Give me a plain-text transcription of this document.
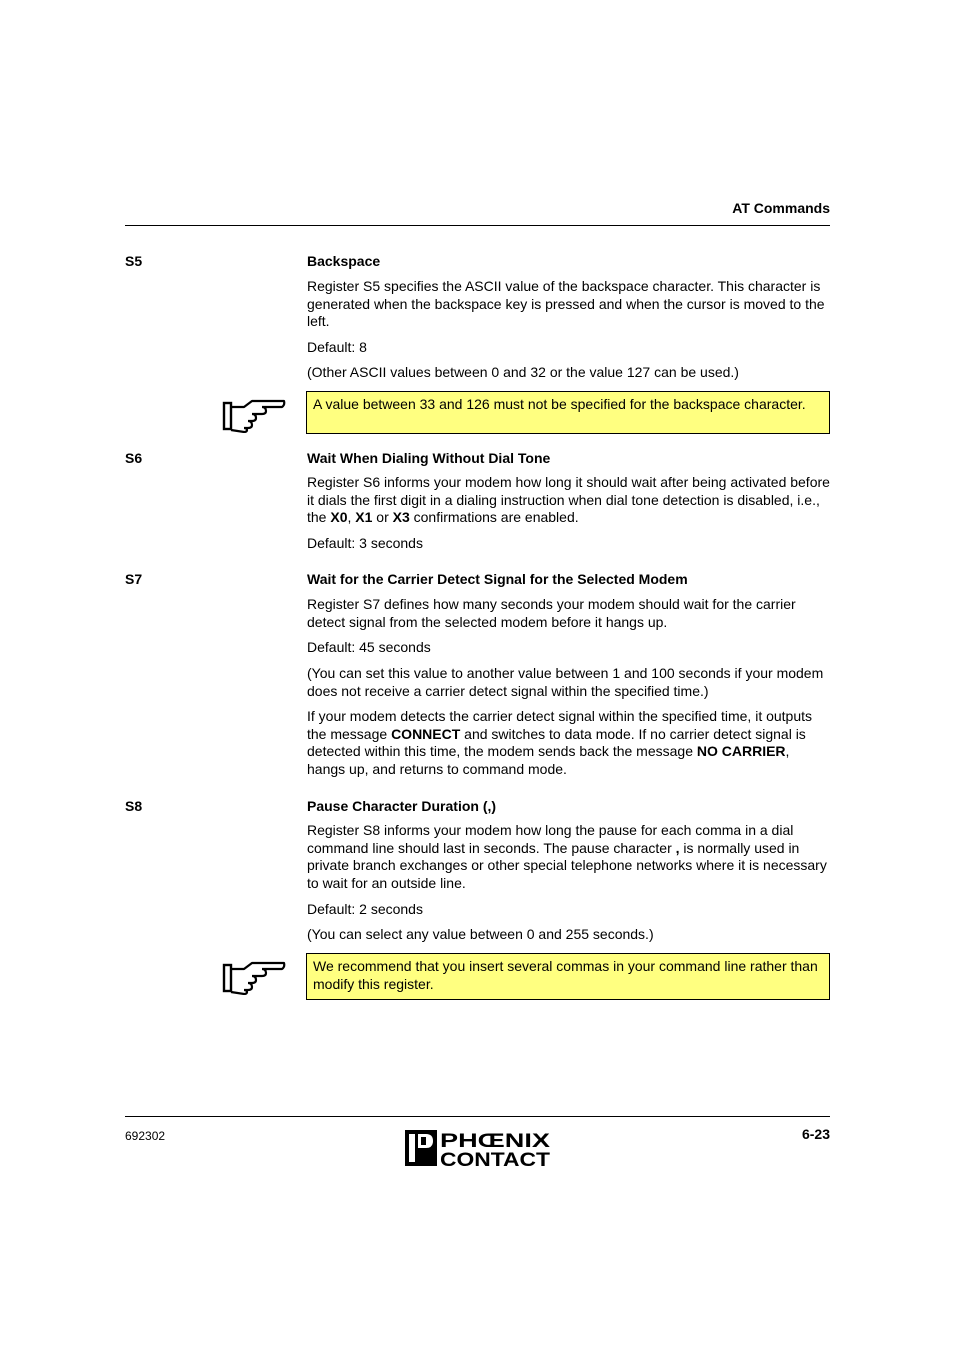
AT Commands
S5	Backspace
Register S5 specifies the ASCII value of the backspace character. This character is generated when the backspace key is pressed and when the cursor is moved to the left.
Default: 8
(Other ASCII values between 0 and 32 or the value 127 can be used.)
A value between 33 and 126 must not be specified for the backspace character.
S6	Wait When Dialing Without Dial Tone
Register S6 informs your modem how long it should wait after being activated before it dials the first digit in a dialing instruction when dial tone detection is disabled, i.e., the X0, X1 or X3 confirmations are enabled.
Default: 3 seconds
S7	Wait for the Carrier Detect Signal for the Selected Modem
Register S7 defines how many seconds your modem should wait for the carrier detect signal from the selected modem before it hangs up.
Default: 45 seconds
(You can set this value to another value between 1 and 100 seconds if your modem does not receive a carrier detect signal within the specified time.)
If your modem detects the carrier detect signal within the specified time, it outputs the message CONNECT and switches to data mode. If no carrier detect signal is detected within this time, the modem sends back the message NO CARRIER, hangs up, and returns to command mode.
S8	Pause Character Duration (,)
Register S8 informs your modem how long the pause for each comma in a dial command line should last in seconds. The pause character , is normally used in private branch exchanges or other special telephone networks where it is necessary to wait for an outside line.
Default: 2 seconds
(You can select any value between 0 and 255 seconds.)
We recommend that you insert several commas in your command line rather than modify this register.
692302	PHŒNIX
CONTACT
6-23
